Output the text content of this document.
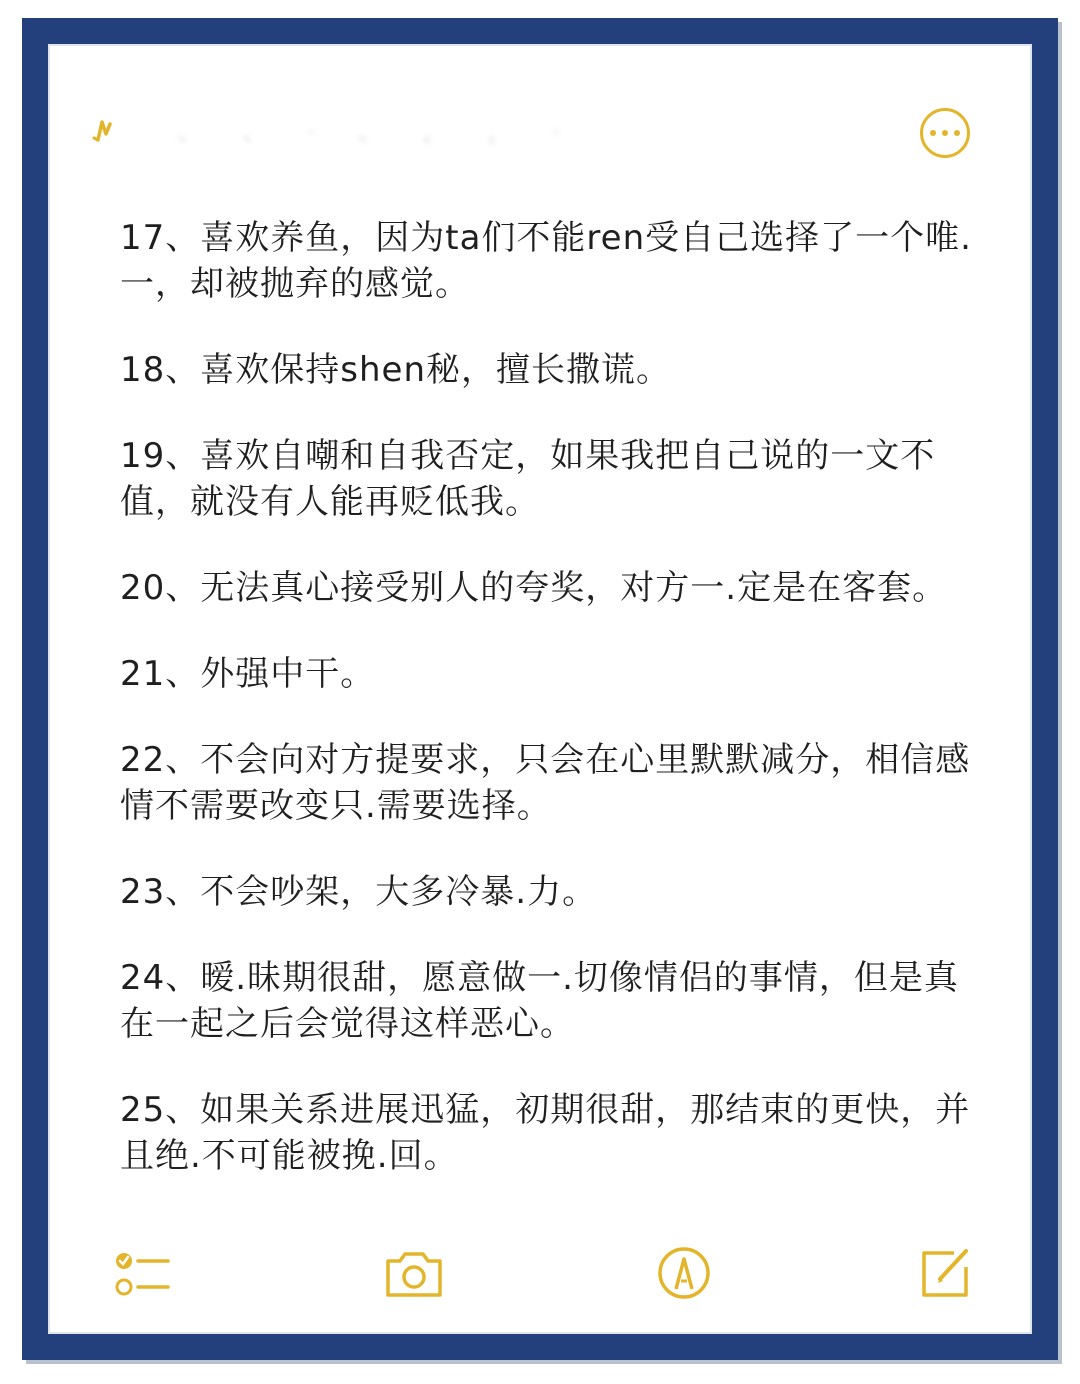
、 、 · 、 ， ， ·

17、喜欢养鱼，因为ta们不能ren受自己选择了一个唯.一，却被抛弃的感觉。

18、喜欢保持shen秘，擅长撒谎。

19、喜欢自嘲和自我否定，如果我把自己说的一文不值，就没有人能再贬低我。

20、无法真心接受别人的夸奖，对方一.定是在客套。

21、外强中干。

22、不会向对方提要求，只会在心里默默减分，相信感情不需要改变只.需要选择。

23、不会吵架，大多冷暴.力。

24、暧.昧期很甜，愿意做一.切像情侣的事情，但是真在一起之后会觉得这样恶心。

25、如果关系进展迅猛，初期很甜，那结束的更快，并且绝.不可能被挽.回。
